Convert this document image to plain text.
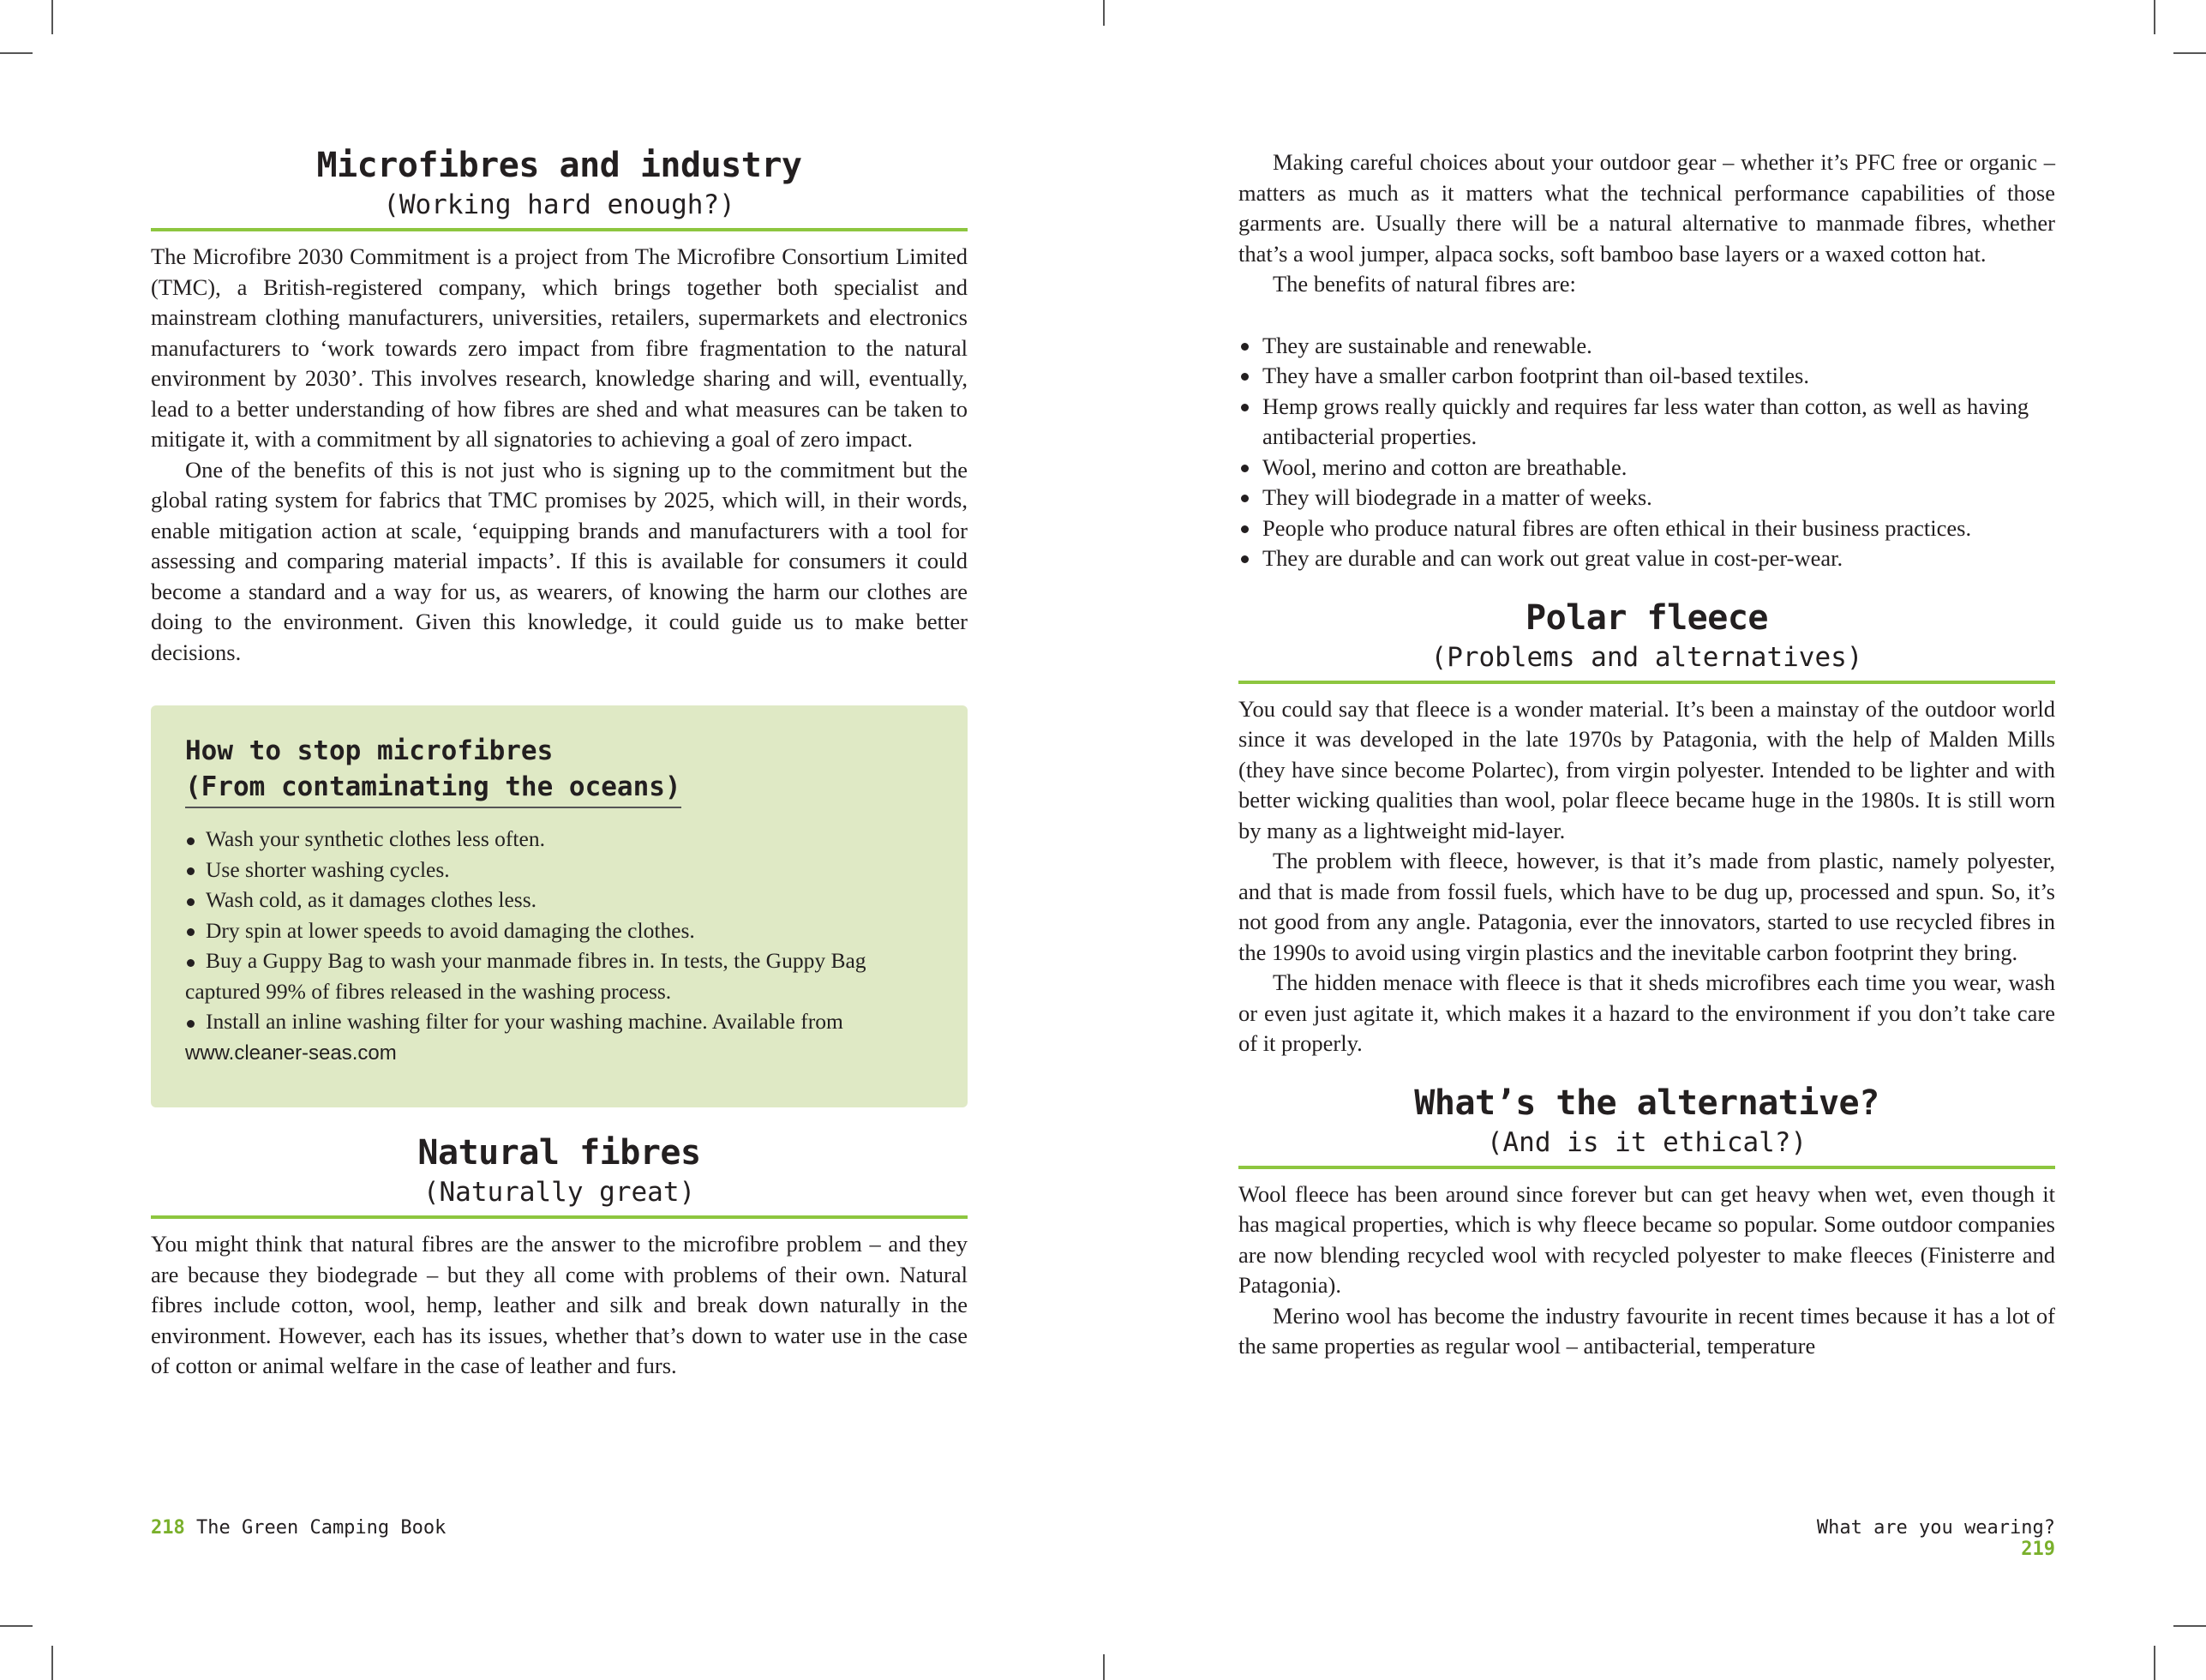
Microfibres and industry
(Working hard enough?)

The Microfibre 2030 Commitment is a project from The Microfibre Consortium Limited (TMC), a British-registered company, which brings together both specialist and mainstream clothing manufacturers, universities, retailers, supermarkets and electronics manufacturers to ‘work towards zero impact from fibre fragmentation to the natural environment by 2030’. This involves research, knowledge sharing and will, eventually, lead to a better understanding of how fibres are shed and what measures can be taken to mitigate it, with a commitment by all signatories to achieving a goal of zero impact.

One of the benefits of this is not just who is signing up to the commitment but the global rating system for fabrics that TMC promises by 2025, which will, in their words, enable mitigation action at scale, ‘equipping brands and manufacturers with a tool for assessing and comparing material impacts’. If this is available for consumers it could become a standard and a way for us, as wearers, of knowing the harm our clothes are doing to the environment. Given this knowledge, it could guide us to make better decisions.

How to stop microfibres
(From contaminating the oceans)
Wash your synthetic clothes less often.
Use shorter washing cycles.
Wash cold, as it damages clothes less.
Dry spin at lower speeds to avoid damaging the clothes.
Buy a Guppy Bag to wash your manmade fibres in. In tests, the Guppy Bag captured 99% of fibres released in the washing process.
Install an inline washing filter for your washing machine. Available from
www.cleaner-seas.com
Natural fibres
(Naturally great)

You might think that natural fibres are the answer to the microfibre problem – and they are because they biodegrade – but they all come with problems of their own. Natural fibres include cotton, wool, hemp, leather and silk and break down naturally in the environment. However, each has its issues, whether that’s down to water use in the case of cotton or animal welfare in the case of leather and furs.

218 The Green Camping Book

Making careful choices about your outdoor gear – whether it’s PFC free or organic – matters as much as it matters what the technical performance capabilities of those garments are. Usually there will be a natural alternative to manmade fibres, whether that’s a wool jumper, alpaca socks, soft bamboo base layers or a waxed cotton hat.

The benefits of natural fibres are:

They are sustainable and renewable.
They have a smaller carbon footprint than oil-based textiles.
Hemp grows really quickly and requires far less water than cotton, as well as having antibacterial properties.
Wool, merino and cotton are breathable.
They will biodegrade in a matter of weeks.
People who produce natural fibres are often ethical in their business practices.
They are durable and can work out great value in cost-per-wear.
Polar fleece
(Problems and alternatives)

You could say that fleece is a wonder material. It’s been a mainstay of the outdoor world since it was developed in the late 1970s by Patagonia, with the help of Malden Mills (they have since become Polartec), from virgin polyester. Intended to be lighter and with better wicking qualities than wool, polar fleece became huge in the 1980s. It is still worn by many as a lightweight mid-layer.

The problem with fleece, however, is that it’s made from plastic, namely polyester, and that is made from fossil fuels, which have to be dug up, processed and spun. So, it’s not good from any angle. Patagonia, ever the innovators, started to use recycled fibres in the 1990s to avoid using virgin plastics and the inevitable carbon footprint they bring.

The hidden menace with fleece is that it sheds microfibres each time you wear, wash or even just agitate it, which makes it a hazard to the environment if you don’t take care of it properly.

What’s the alternative?
(And is it ethical?)

Wool fleece has been around since forever but can get heavy when wet, even though it has magical properties, which is why fleece became so popular. Some outdoor companies are now blending recycled wool with recycled polyester to make fleeces (Finisterre and Patagonia).

Merino wool has become the industry favourite in recent times because it has a lot of the same properties as regular wool – antibacterial, temperature

What are you wearing? 219
